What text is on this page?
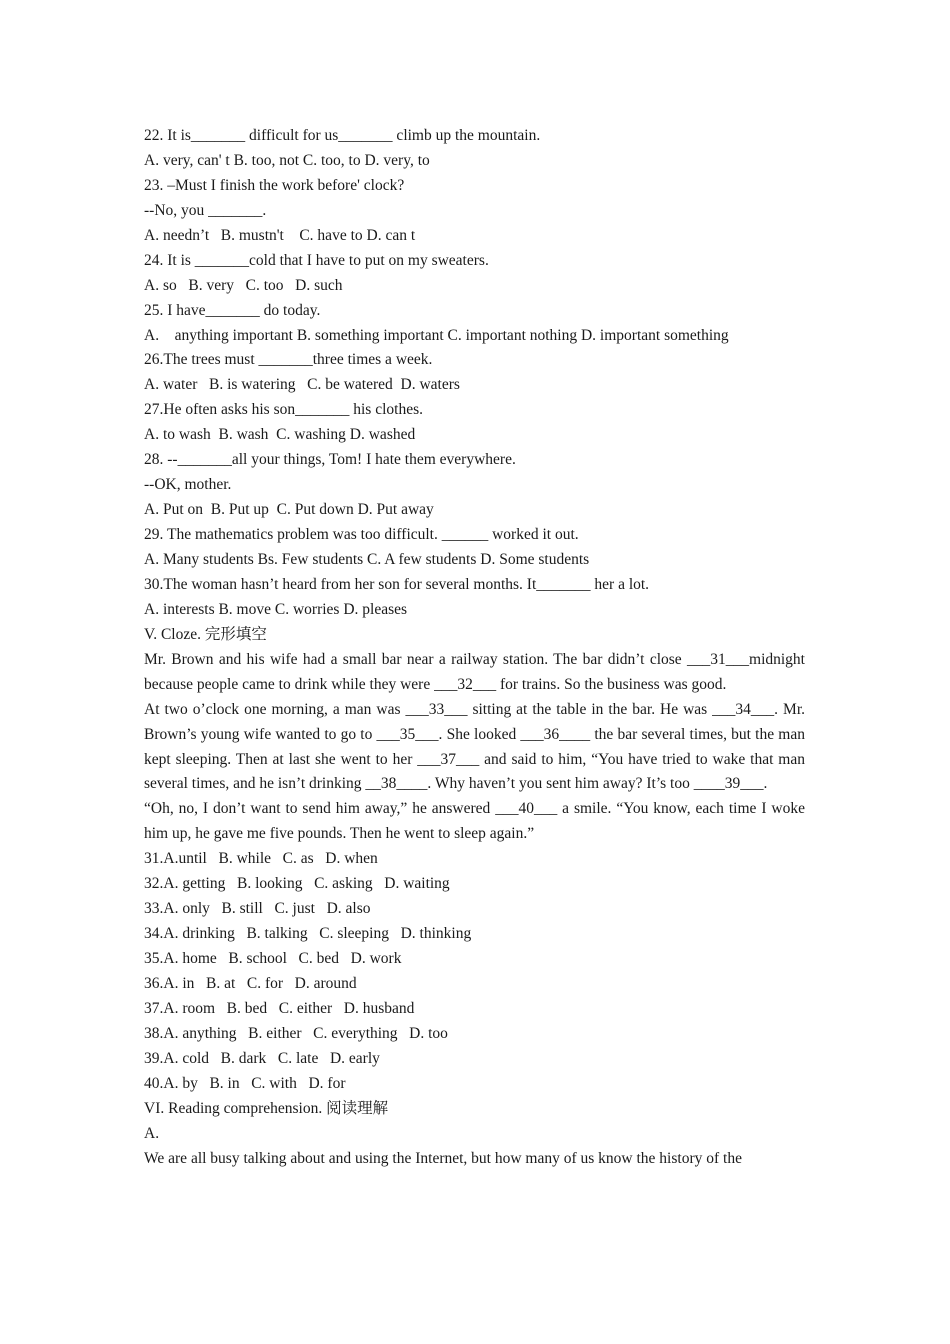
22. It is_______ difficult for us_______ climb up the mountain.
A. very, can' t B. too, not C. too, to D. very, to
23. –Must I finish the work before' clock?
--No, you _______.
A. needn’t   B. mustn't    C. have to D. can t
24. It is _______cold that I have to put on my sweaters.
A. so   B. very   C. too   D. such
25. I have_______ do today.
A.    anything important B. something important C. important nothing D. important something
26.The trees must _______three times a week.
A. water   B. is watering   C. be watered  D. waters
27.He often asks his son_______ his clothes.
A. to wash  B. wash  C. washing D. washed
28. --_______all your things, Tom! I hate them everywhere.
--OK, mother.
A. Put on  B. Put up  C. Put down D. Put away
29. The mathematics problem was too difficult. ______ worked it out.
A. Many students Bs. Few students C. A few students D. Some students
30.The woman hasn’t heard from her son for several months. It_______ her a lot.
A. interests B. move C. worries D. pleases
V. Cloze. 完形填空
Mr. Brown and his wife had a small bar near a railway station. The bar didn’t close ___31___midnight because people came to drink while they were ___32___ for trains. So the business was good.
At two o’clock one morning, a man was ___33___ sitting at the table in the bar. He was ___34___. Mr. Brown’s young wife wanted to go to ___35___. She looked ___36____ the bar several times, but the man kept sleeping. Then at last she went to her ___37___ and said to him, “You have tried to wake that man several times, and he isn’t drinking __38____. Why haven’t you sent him away? It’s too ____39___.
“Oh, no, I don’t want to send him away,” he answered ___40___ a smile. “You know, each time I woke him up, he gave me five pounds. Then he went to sleep again.”
31.A.until   B. while   C. as   D. when
32.A. getting   B. looking   C. asking   D. waiting
33.A. only   B. still   C. just   D. also
34.A. drinking   B. talking   C. sleeping   D. thinking
35.A. home   B. school   C. bed   D. work
36.A. in   B. at   C. for   D. around
37.A. room   B. bed   C. either   D. husband
38.A. anything   B. either   C. everything   D. too
39.A. cold   B. dark   C. late   D. early
40.A. by   B. in   C. with   D. for
VI. Reading comprehension. 阅读理解
A.
We are all busy talking about and using the Internet, but how many of us know the history of the
